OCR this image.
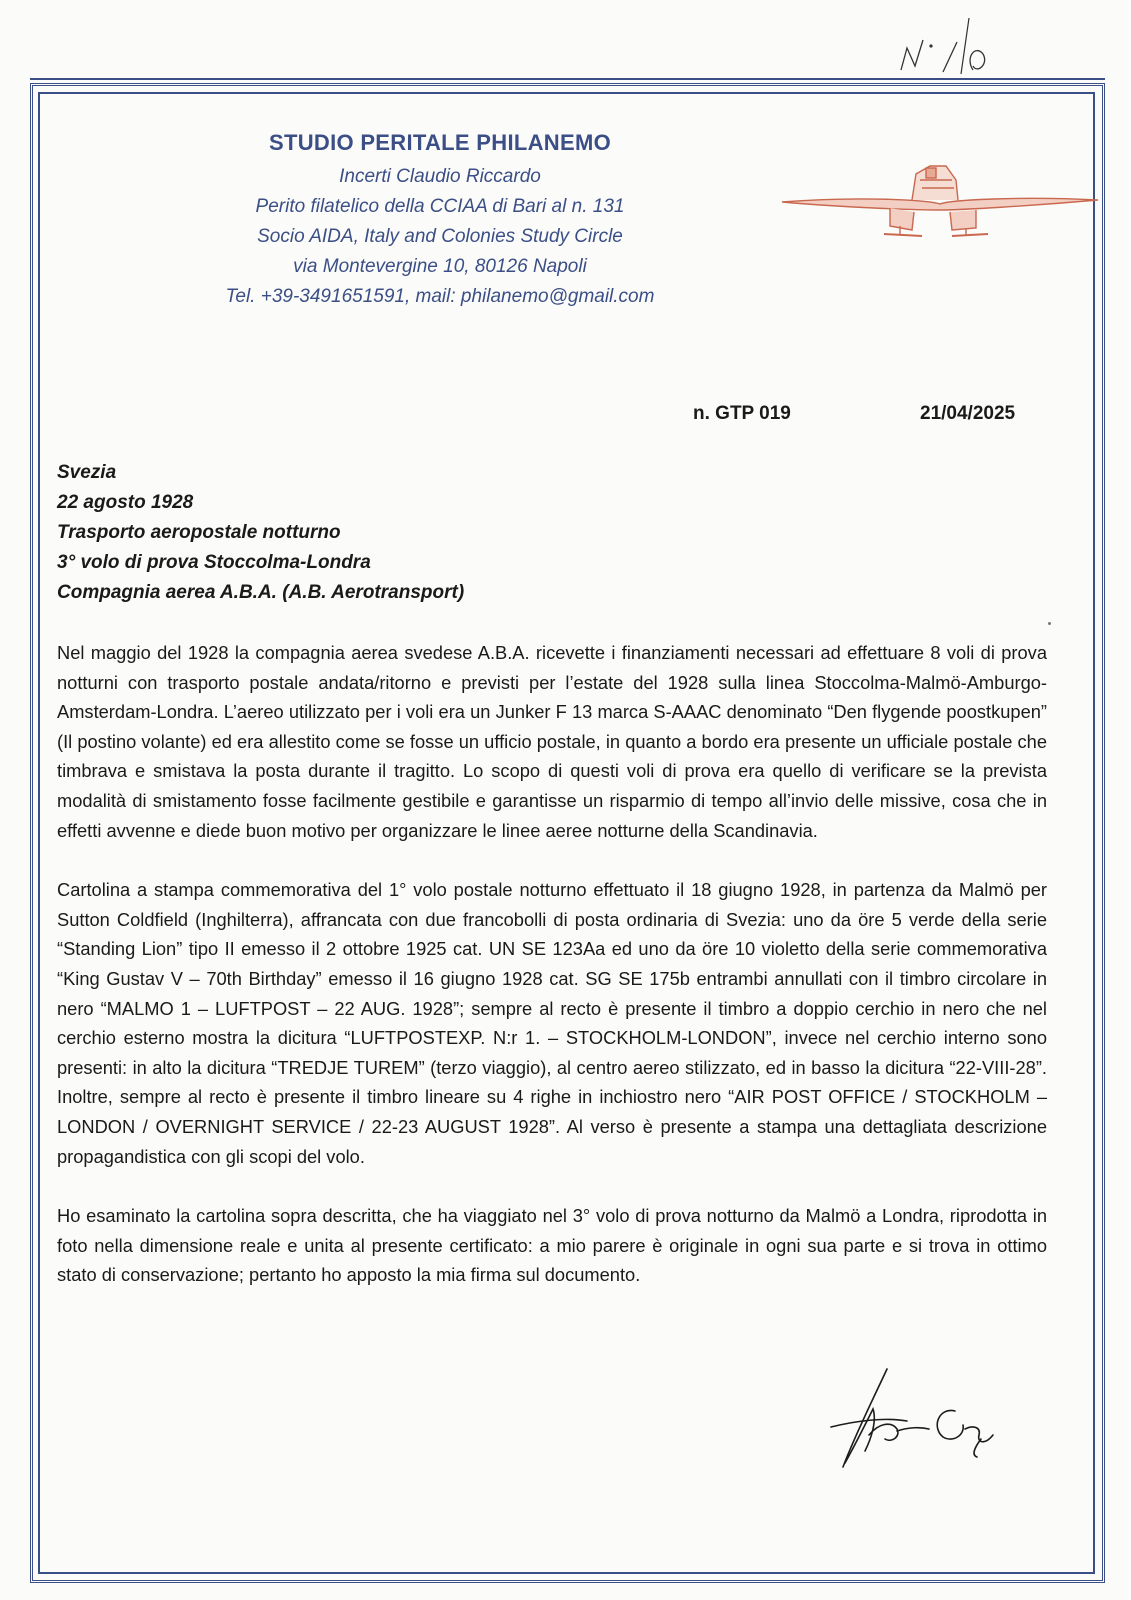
STUDIO PERITALE PHILANEMO
Incerti Claudio Riccardo
Perito filatelico della CCIAA di Bari al n. 131
Socio AIDA, Italy and Colonies Study Circle
via Montevergine 10, 80126 Napoli
Tel. +39-3491651591, mail: philanemo@gmail.com
n. GTP 019	21/04/2025
Svezia
22 agosto 1928
Trasporto aeropostale notturno
3° volo di prova Stoccolma-Londra
Compagnia aerea A.B.A. (A.B. Aerotransport)

Nel maggio del 1928 la compagnia aerea svedese A.B.A. ricevette i finanziamenti necessari ad effettuare 8 voli di prova notturni con trasporto postale andata/ritorno e previsti per l’estate del 1928 sulla linea Stoccolma-Malmö-Amburgo-Amsterdam-Londra. L’aereo utilizzato per i voli era un Junker F 13 marca S-AAAC denominato “Den flygende poostkupen” (Il postino volante) ed era allestito come se fosse un ufficio postale, in quanto a bordo era presente un ufficiale postale che timbrava e smistava la posta durante il tragitto. Lo scopo di questi voli di prova era quello di verificare se la prevista modalità di smistamento fosse facilmente gestibile e garantisse un risparmio di tempo all’invio delle missive, cosa che in effetti avvenne e diede buon motivo per organizzare le linee aeree notturne della Scandinavia.

Cartolina a stampa commemorativa del 1° volo postale notturno effettuato il 18 giugno 1928, in partenza da Malmö per Sutton Coldfield (Inghilterra), affrancata con due francobolli di posta ordinaria di Svezia: uno da öre 5 verde della serie “Standing Lion” tipo II emesso il 2 ottobre 1925 cat. UN SE 123Aa ed uno da öre 10 violetto della serie commemorativa “King Gustav V – 70th Birthday” emesso il 16 giugno 1928 cat. SG SE 175b entrambi annullati con il timbro circolare in nero “MALMO 1 – LUFTPOST – 22 AUG. 1928”; sempre al recto è presente il timbro a doppio cerchio in nero che nel cerchio esterno mostra la dicitura “LUFTPOSTEXP. N:r 1. – STOCKHOLM-LONDON”, invece nel cerchio interno sono presenti: in alto la dicitura “TREDJE TUREM” (terzo viaggio), al centro aereo stilizzato, ed in basso la dicitura “22-VIII-28”. Inoltre, sempre al recto è presente il timbro lineare su 4 righe in inchiostro nero “AIR POST OFFICE / STOCKHOLM – LONDON / OVERNIGHT SERVICE / 22-23 AUGUST 1928”. Al verso è presente a stampa una dettagliata descrizione propagandistica con gli scopi del volo.

Ho esaminato la cartolina sopra descritta, che ha viaggiato nel 3° volo di prova notturno da Malmö a Londra, riprodotta in foto nella dimensione reale e unita al presente certificato: a mio parere è originale in ogni sua parte e si trova in ottimo stato di conservazione; pertanto ho apposto la mia firma sul documento.
